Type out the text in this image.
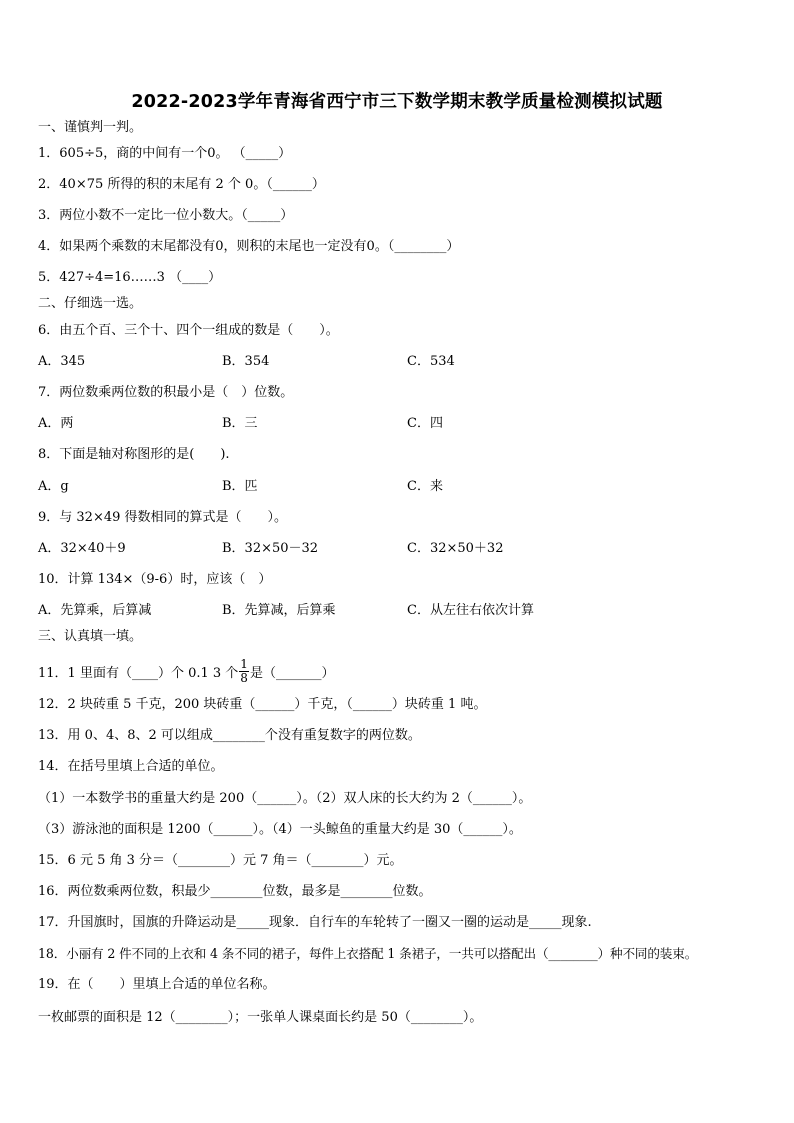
2022-2023学年青海省西宁市三下数学期末教学质量检测模拟试题
一、谨慎判一判。
1．605÷5，商的中间有一个0。 （_____）
2．40×75 所得的积的末尾有 2 个 0。（______）
3．两位小数不一定比一位小数大。（_____）
4．如果两个乘数的末尾都没有0，则积的末尾也一定没有0。（________）
5．427÷4=16……3 （____）
二、仔细选一选。
6．由五个百、三个十、四个一组成的数是（　　）。
A．345	B．354	C．534
7．两位数乘两位数的积最小是（　）位数。
A．两	B．三	C．四
8．下面是轴对称图形的是(　　).
A．g	B．匹	C．来
9．与 32×49 得数相同的算式是（　　）。
A．32×40＋9	B．32×50－32	C．32×50＋32
10．计算 134×（9-6）时，应该（　）
A．先算乘，后算减	B．先算减，后算乘	C．从左往右依次计算
三、认真填一填。
11．1 里面有（____）个 0.1 3 个 $\frac{1}{8}$ 是（_______）
12．2 块砖重 5 千克，200 块砖重（______）千克，（______）块砖重 1 吨。
13．用 0、4、8、2 可以组成________个没有重复数字的两位数。
14．在括号里填上合适的单位。
（1）一本数学书的重量大约是 200（______）。（2）双人床的长大约为 2（______）。
（3）游泳池的面积是 1200（______）。（4）一头鲸鱼的重量大约是 30（______）。
15．6 元 5 角 3 分＝（________）元 7 角＝（________）元。
16．两位数乘两位数，积最少________位数，最多是________位数。
17．升国旗时，国旗的升降运动是_____现象．自行车的车轮转了一圈又一圈的运动是_____现象.
18．小丽有 2 件不同的上衣和 4 条不同的裙子，每件上衣搭配 1 条裙子，一共可以搭配出（________）种不同的装束。
19．在（　　）里填上合适的单位名称。
一枚邮票的面积是 12（________）；一张单人课桌面长约是 50（________）。
